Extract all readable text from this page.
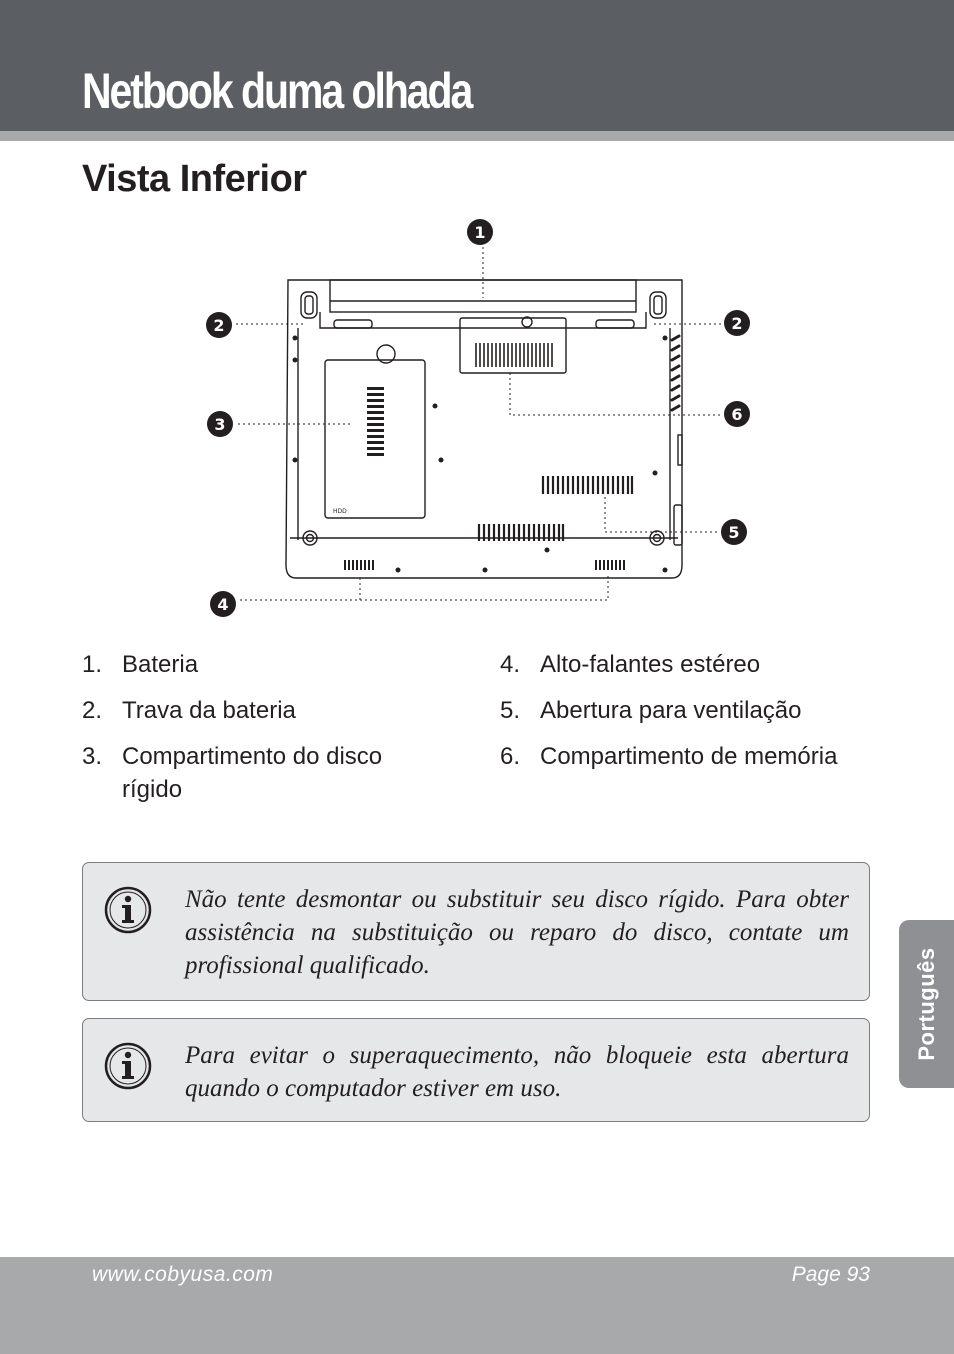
Netbook duma olhada
Vista Inferior
HDD
1
2	2
3
4
5
6
1. Bateria
2. Trava da bateria
3. Compartimento do disco rígido
4. Alto-falantes estéreo
5. Abertura para ventilação
6. Compartimento de memória

Não tente desmontar ou substituir seu disco rígido. Para obter assistência na substituição ou reparo do disco, contate um profissional qualificado.

Para evitar o superaquecimento, não bloqueie esta abertura quando o computador estiver em uso.

Português
www.cobyusa.com	Page 93
